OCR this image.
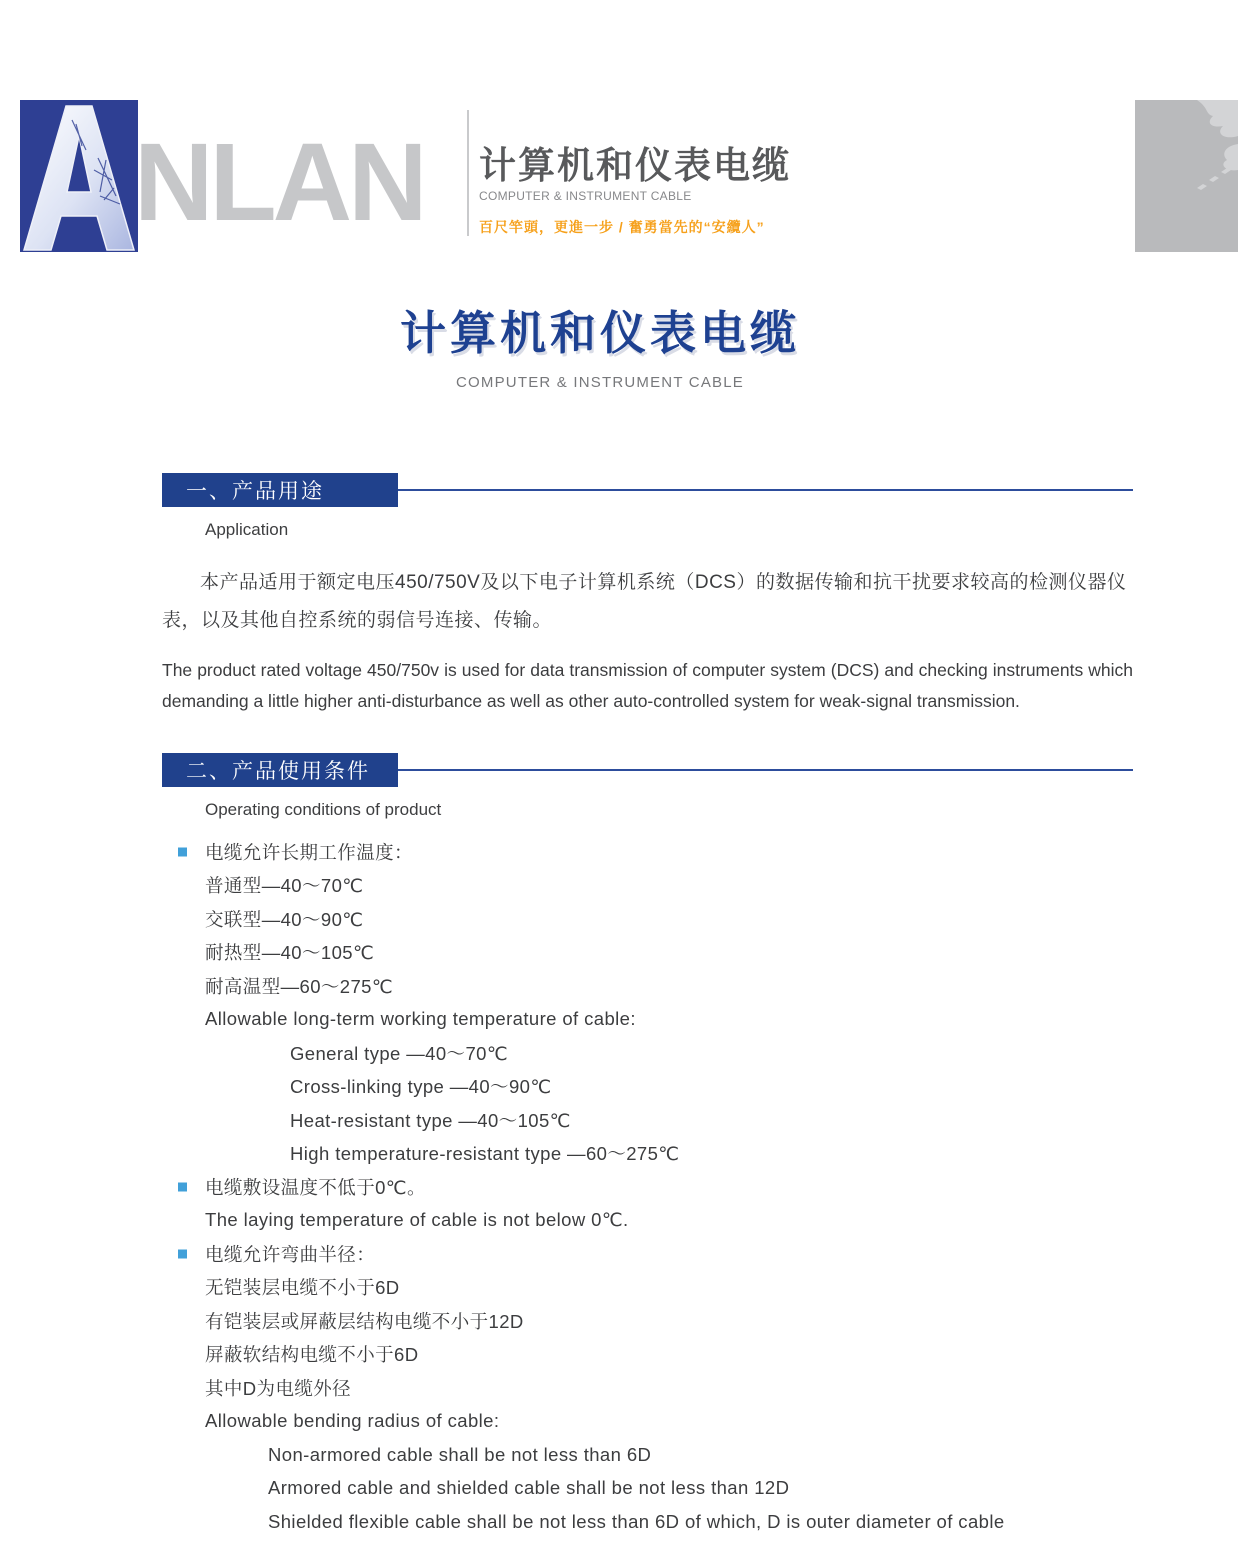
NLAN 计算机和仪表电缆
COMPUTER & INSTRUMENT CABLE
百尺竿頭，更進一步 / 奮勇當先的“安纜人”
计算机和仪表电缆
COMPUTER & INSTRUMENT CABLE
一、产品用途
Application

本产品适用于额定电压450/750V及以下电子计算机系统（DCS）的数据传输和抗干扰要求较高的检测仪器仪表，以及其他自控系统的弱信号连接、传输。

The product rated voltage 450/750v is used for data transmission of computer system (DCS) and checking instruments which demanding a little higher anti-disturbance as well as other auto-controlled system for weak-signal transmission.

二、产品使用条件
Operating conditions of product
电缆允许长期工作温度：
普通型—40～70℃
交联型—40～90℃
耐热型—40～105℃
耐高温型—60～275℃
Allowable long-term working temperature of cable:
General type —40～70℃
Cross-linking type —40～90℃
Heat-resistant type —40～105℃
High temperature-resistant type —60～275℃
电缆敷设温度不低于0℃。
The laying temperature of cable is not below 0℃.
电缆允许弯曲半径：
无铠装层电缆不小于6D
有铠装层或屏蔽层结构电缆不小于12D
屏蔽软结构电缆不小于6D
其中D为电缆外径
Allowable bending radius of cable:
Non-armored cable shall be not less than 6D
Armored cable and shielded cable shall be not less than 12D
Shielded flexible cable shall be not less than 6D of which, D is outer diameter of cable
